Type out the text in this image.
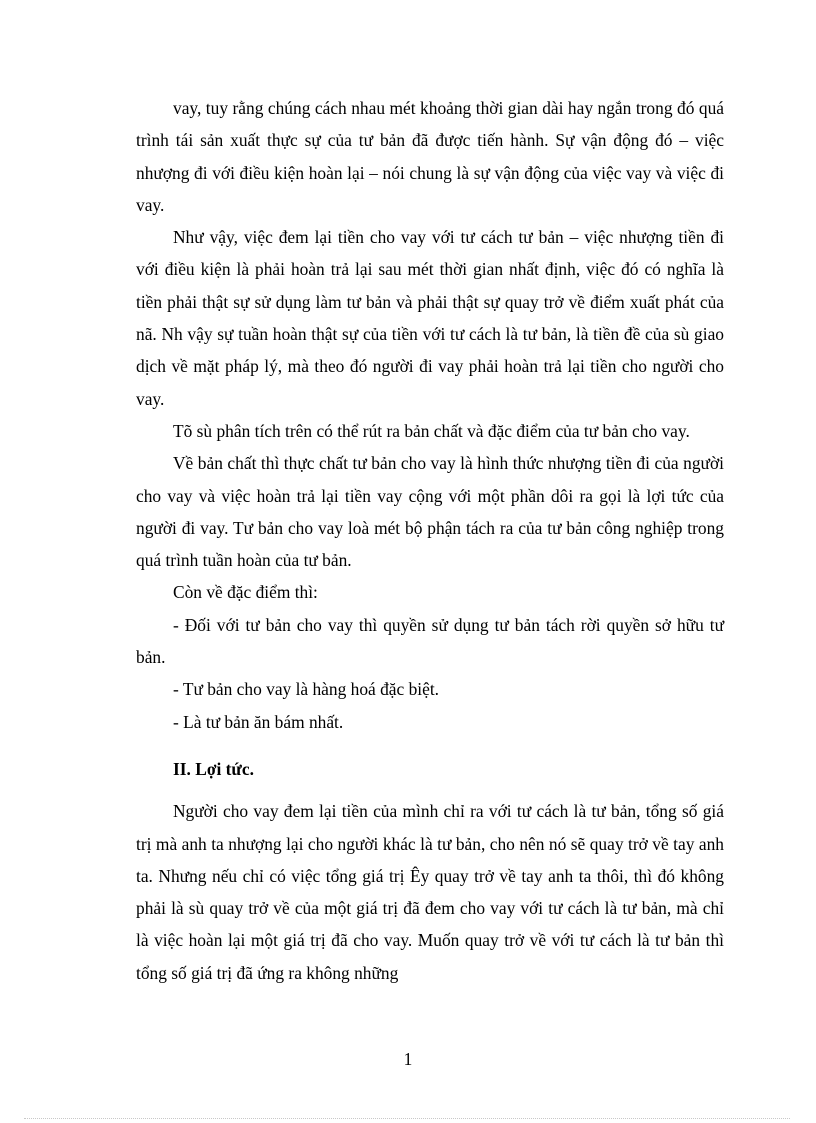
vay, tuy rằng chúng cách nhau mét khoảng thời gian dài hay ngắn trong đó quá trình tái sản xuất thực sự của tư bản đã được tiến hành. Sự vận động đó – việc nhượng đi với điều kiện hoàn lại – nói chung là sự vận động của việc vay và việc đi vay.

Như vậy, việc đem lại tiền cho vay với tư cách tư bản – việc nhượng tiền đi với điều kiện là phải hoàn trả lại sau mét thời gian nhất định, việc đó có nghĩa là tiền phải thật sự sử dụng làm tư bản và phải thật sự quay trở về điểm xuất phát của nã. Nh vậy sự tuần hoàn thật sự của tiền với tư cách là tư bản, là tiền đề của sù giao dịch về mặt pháp lý, mà theo đó người đi vay phải hoàn trả lại tiền cho người cho vay.

Tõ sù phân tích trên có thể rút ra bản chất và đặc điểm của tư bản cho vay.

Về bản chất thì thực chất tư bản cho vay là hình thức nhượng tiền đi của người cho vay và việc hoàn trả lại tiền vay cộng với một phần dôi ra gọi là lợi tức của người đi vay. Tư bản cho vay loà mét bộ phận tách ra của tư bản công nghiệp trong quá trình tuần hoàn của tư bản.

Còn về đặc điểm thì:

- Đối với tư bản cho vay thì quyền sử dụng tư bản tách rời quyền sở hữu tư bản.

- Tư bản cho vay là hàng hoá đặc biệt.

- Là tư bản ăn bám nhất.

II. Lợi tức.

Người cho vay đem lại tiền của mình chỉ ra với tư cách là tư bản, tổng số giá trị mà anh ta nhượng lại cho người khác là tư bản, cho nên nó sẽ quay trở về tay anh ta. Nhưng nếu chỉ có việc tổng giá trị Êy quay trở về tay anh ta thôi, thì đó không phải là sù quay trở về của một giá trị đã đem cho vay với tư cách là tư bản, mà chỉ là việc hoàn lại một giá trị đã cho vay. Muốn quay trở về với tư cách là tư bản thì tổng số giá trị đã ứng ra không những

1
